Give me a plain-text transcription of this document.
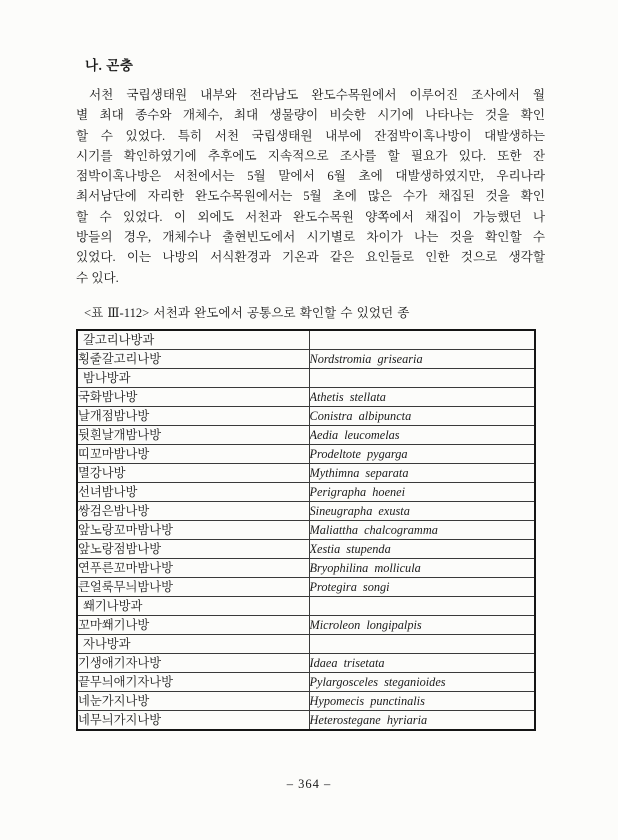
나. 곤충
서천 국립생태원 내부와 전라남도 완도수목원에서 이루어진 조사에서 월
별 최대 종수와 개체수, 최대 생물량이 비슷한 시기에 나타나는 것을 확인
할 수 있었다. 특히 서천 국립생태원 내부에 잔점박이혹나방이 대발생하는
시기를 확인하였기에 추후에도 지속적으로 조사를 할 필요가 있다. 또한 잔
점박이혹나방은 서천에서는 5월 말에서 6월 초에 대발생하였지만, 우리나라
최서남단에 자리한 완도수목원에서는 5월 초에 많은 수가 채집된 것을 확인
할 수 있었다. 이 외에도 서천과 완도수목원 양쪽에서 채집이 가능했던 나
방들의 경우, 개체수나 출현빈도에서 시기별로 차이가 나는 것을 확인할 수
있었다. 이는 나방의 서식환경과 기온과 같은 요인들로 인한 것으로 생각할
수 있다.
<표 Ⅲ-112> 서천과 완도에서 공통으로 확인할 수 있었던 종
갈고리나방과	
횡줄갈고리나방	Nordstromia grisearia
밤나방과	
국화밤나방	Athetis stellata
날개점밤나방	Conistra albipuncta
뒷흰날개밤나방	Aedia leucomelas
띠꼬마밤나방	Prodeltote pygarga
멸강나방	Mythimna separata
선녀밤나방	Perigrapha hoenei
쌍검은밤나방	Sineugrapha exusta
앞노랑꼬마밤나방	Maliattha chalcogramma
앞노랑점밤나방	Xestia stupenda
연푸른꼬마밤나방	Bryophilina mollicula
큰얼룩무늬밤나방	Protegira songi
쐐기나방과	
꼬마쐐기나방	Microleon longipalpis
자나방과	
기생애기자나방	Idaea trisetata
끝무늬애기자나방	Pylargosceles steganioides
네눈가지나방	Hypomecis punctinalis
네무늬가지나방	Heterostegane hyriaria
– 364 –
